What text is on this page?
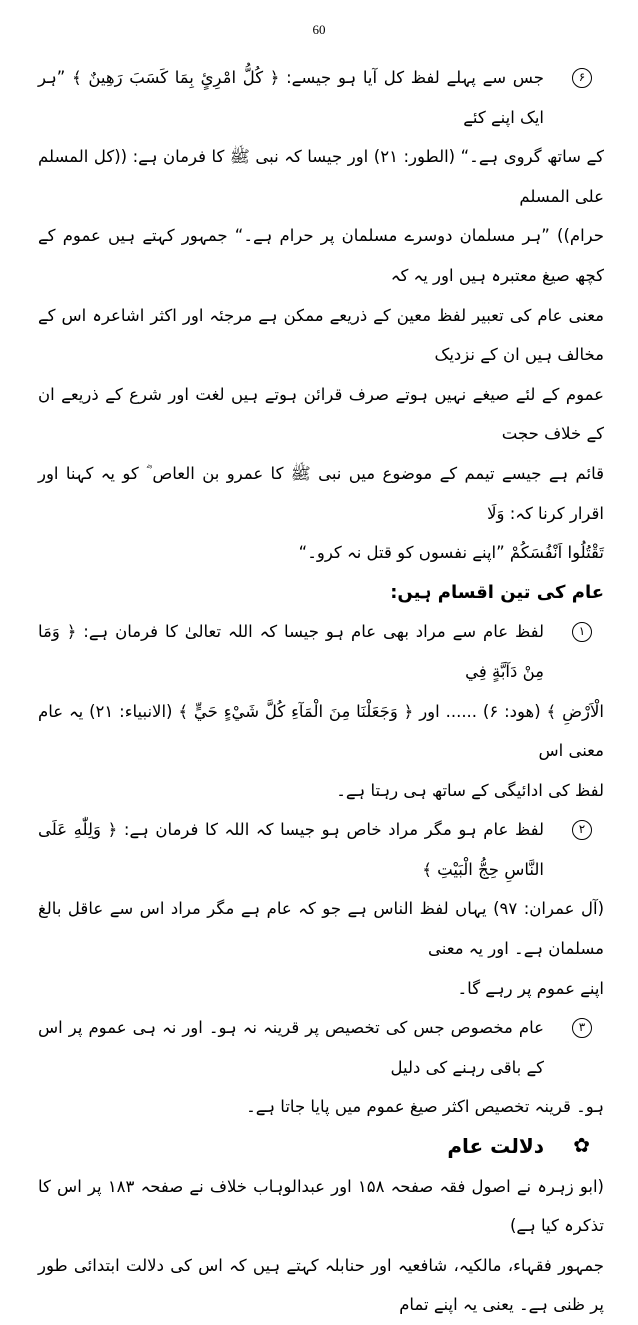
60
۶
جس سے پہلے لفظ کل آیا ہو جیسے: ﴿ كُلُّ امْرِئٍ بِمَا كَسَبَ رَهِينٌ ﴾ ”ہر ایک اپنے کئے
کے ساتھ گروی ہے۔“ (الطور: ۲۱) اور جیسا کہ نبی ﷺ کا فرمان ہے: ((كل المسلم على المسلم
حرام)) ”ہر مسلمان دوسرے مسلمان پر حرام ہے۔“ جمہور کہتے ہیں عموم کے کچھ صیغ معتبرہ ہیں اور یہ کہ
معنی عام کی تعبیر لفظ معین کے ذریعے ممکن ہے مرجئہ اور اکثر اشاعرہ اس کے مخالف ہیں ان کے نزدیک
عموم کے لئے صیغے نہیں ہوتے صرف قرائن ہوتے ہیں لغت اور شرع کے ذریعے ان کے خلاف حجت
قائم ہے جیسے تیمم کے موضوع میں نبی ﷺ کا عمرو بن العاص ؓ کو یہ کہنا اور اقرار کرنا کہ: وَلَا
تَقْتُلُوا اَنْفُسَكُمْ ”اپنے نفسوں کو قتل نہ کرو۔“
عام کی تین اقسام ہیں:
۱
لفظ عام سے مراد بھی عام ہو جیسا کہ اللہ تعالیٰ کا فرمان ہے: ﴿ وَمَا مِنْ دَآبَّةٍ فِي
الْاَرْضِ ﴾ (ھود: ۶) ...... اور ﴿ وَجَعَلْنَا مِنَ الْمَآءِ كُلَّ شَيْءٍ حَيٍّ ﴾ (الانبیاء: ۲۱) یہ عام معنی اس
لفظ کی ادائیگی کے ساتھ ہی رہتا ہے۔
۲
لفظ عام ہو مگر مراد خاص ہو جیسا کہ اللہ کا فرمان ہے: ﴿ وَلِلّٰهِ عَلَى النَّاسِ حِجُّ الْبَيْتِ ﴾
(آل عمران: ۹۷) یہاں لفظ الناس ہے جو کہ عام ہے مگر مراد اس سے عاقل بالغ مسلمان ہے۔ اور یہ معنی
اپنے عموم پر رہے گا۔
۳
عام مخصوص جس کی تخصیص پر قرینہ نہ ہو۔ اور نہ ہی عموم پر اس کے باقی رہنے کی دلیل
ہو۔ قرینہ تخصیص اکثر صیغ عموم میں پایا جاتا ہے۔
✿
دلالت عام
(ابو زہرہ نے اصول فقہ صفحہ ۱۵۸ اور عبدالوہاب خلاف نے صفحہ ۱۸۳ پر اس کا تذکرہ کیا ہے)
جمہور فقہاء، مالکیہ، شافعیہ اور حنابلہ کہتے ہیں کہ اس کی دلالت ابتدائی طور پر ظنی ہے۔ یعنی یہ اپنے تمام
